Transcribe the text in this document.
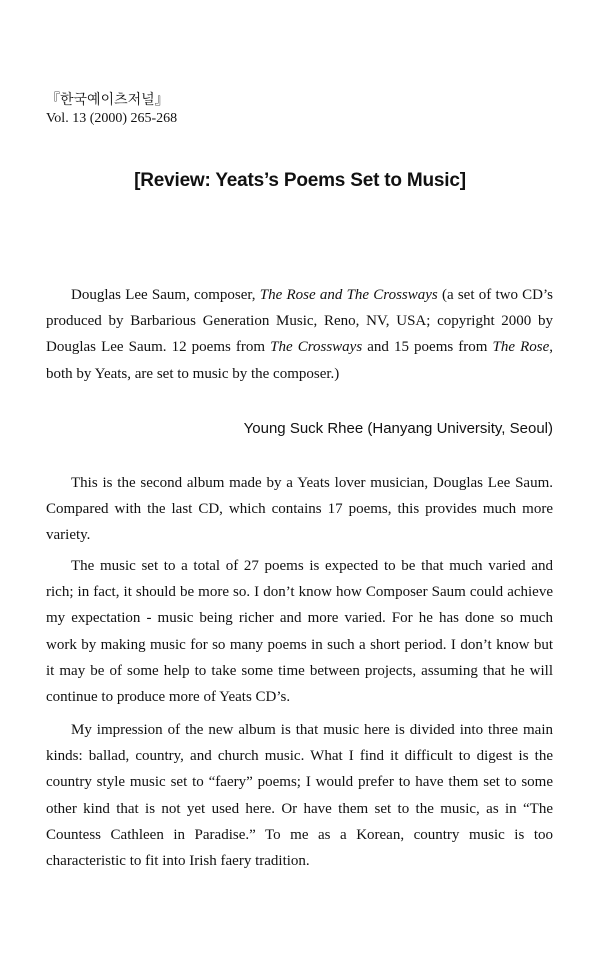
『한국예이츠저널』
Vol. 13 (2000) 265-268
[Review: Yeats’s Poems Set to Music]
Douglas Lee Saum, composer, The Rose and The Crossways (a set of two CD’s produced by Barbarious Generation Music, Reno, NV, USA; copyright 2000 by Douglas Lee Saum. 12 poems from The Crossways and 15 poems from The Rose, both by Yeats, are set to music by the composer.)
Young Suck Rhee (Hanyang University, Seoul)
This is the second album made by a Yeats lover musician, Douglas Lee Saum. Compared with the last CD, which contains 17 poems, this provides much more variety.
The music set to a total of 27 poems is expected to be that much varied and rich; in fact, it should be more so. I don’t know how Composer Saum could achieve my expectation - music being richer and more varied. For he has done so much work by making music for so many poems in such a short period. I don’t know but it may be of some help to take some time between projects, assuming that he will continue to produce more of Yeats CD’s.
My impression of the new album is that music here is divided into three main kinds: ballad, country, and church music. What I find it difficult to digest is the country style music set to “faery” poems; I would prefer to have them set to some other kind that is not yet used here. Or have them set to the music, as in “The Countess Cathleen in Paradise.” To me as a Korean, country music is too characteristic to fit into Irish faery tradition.
